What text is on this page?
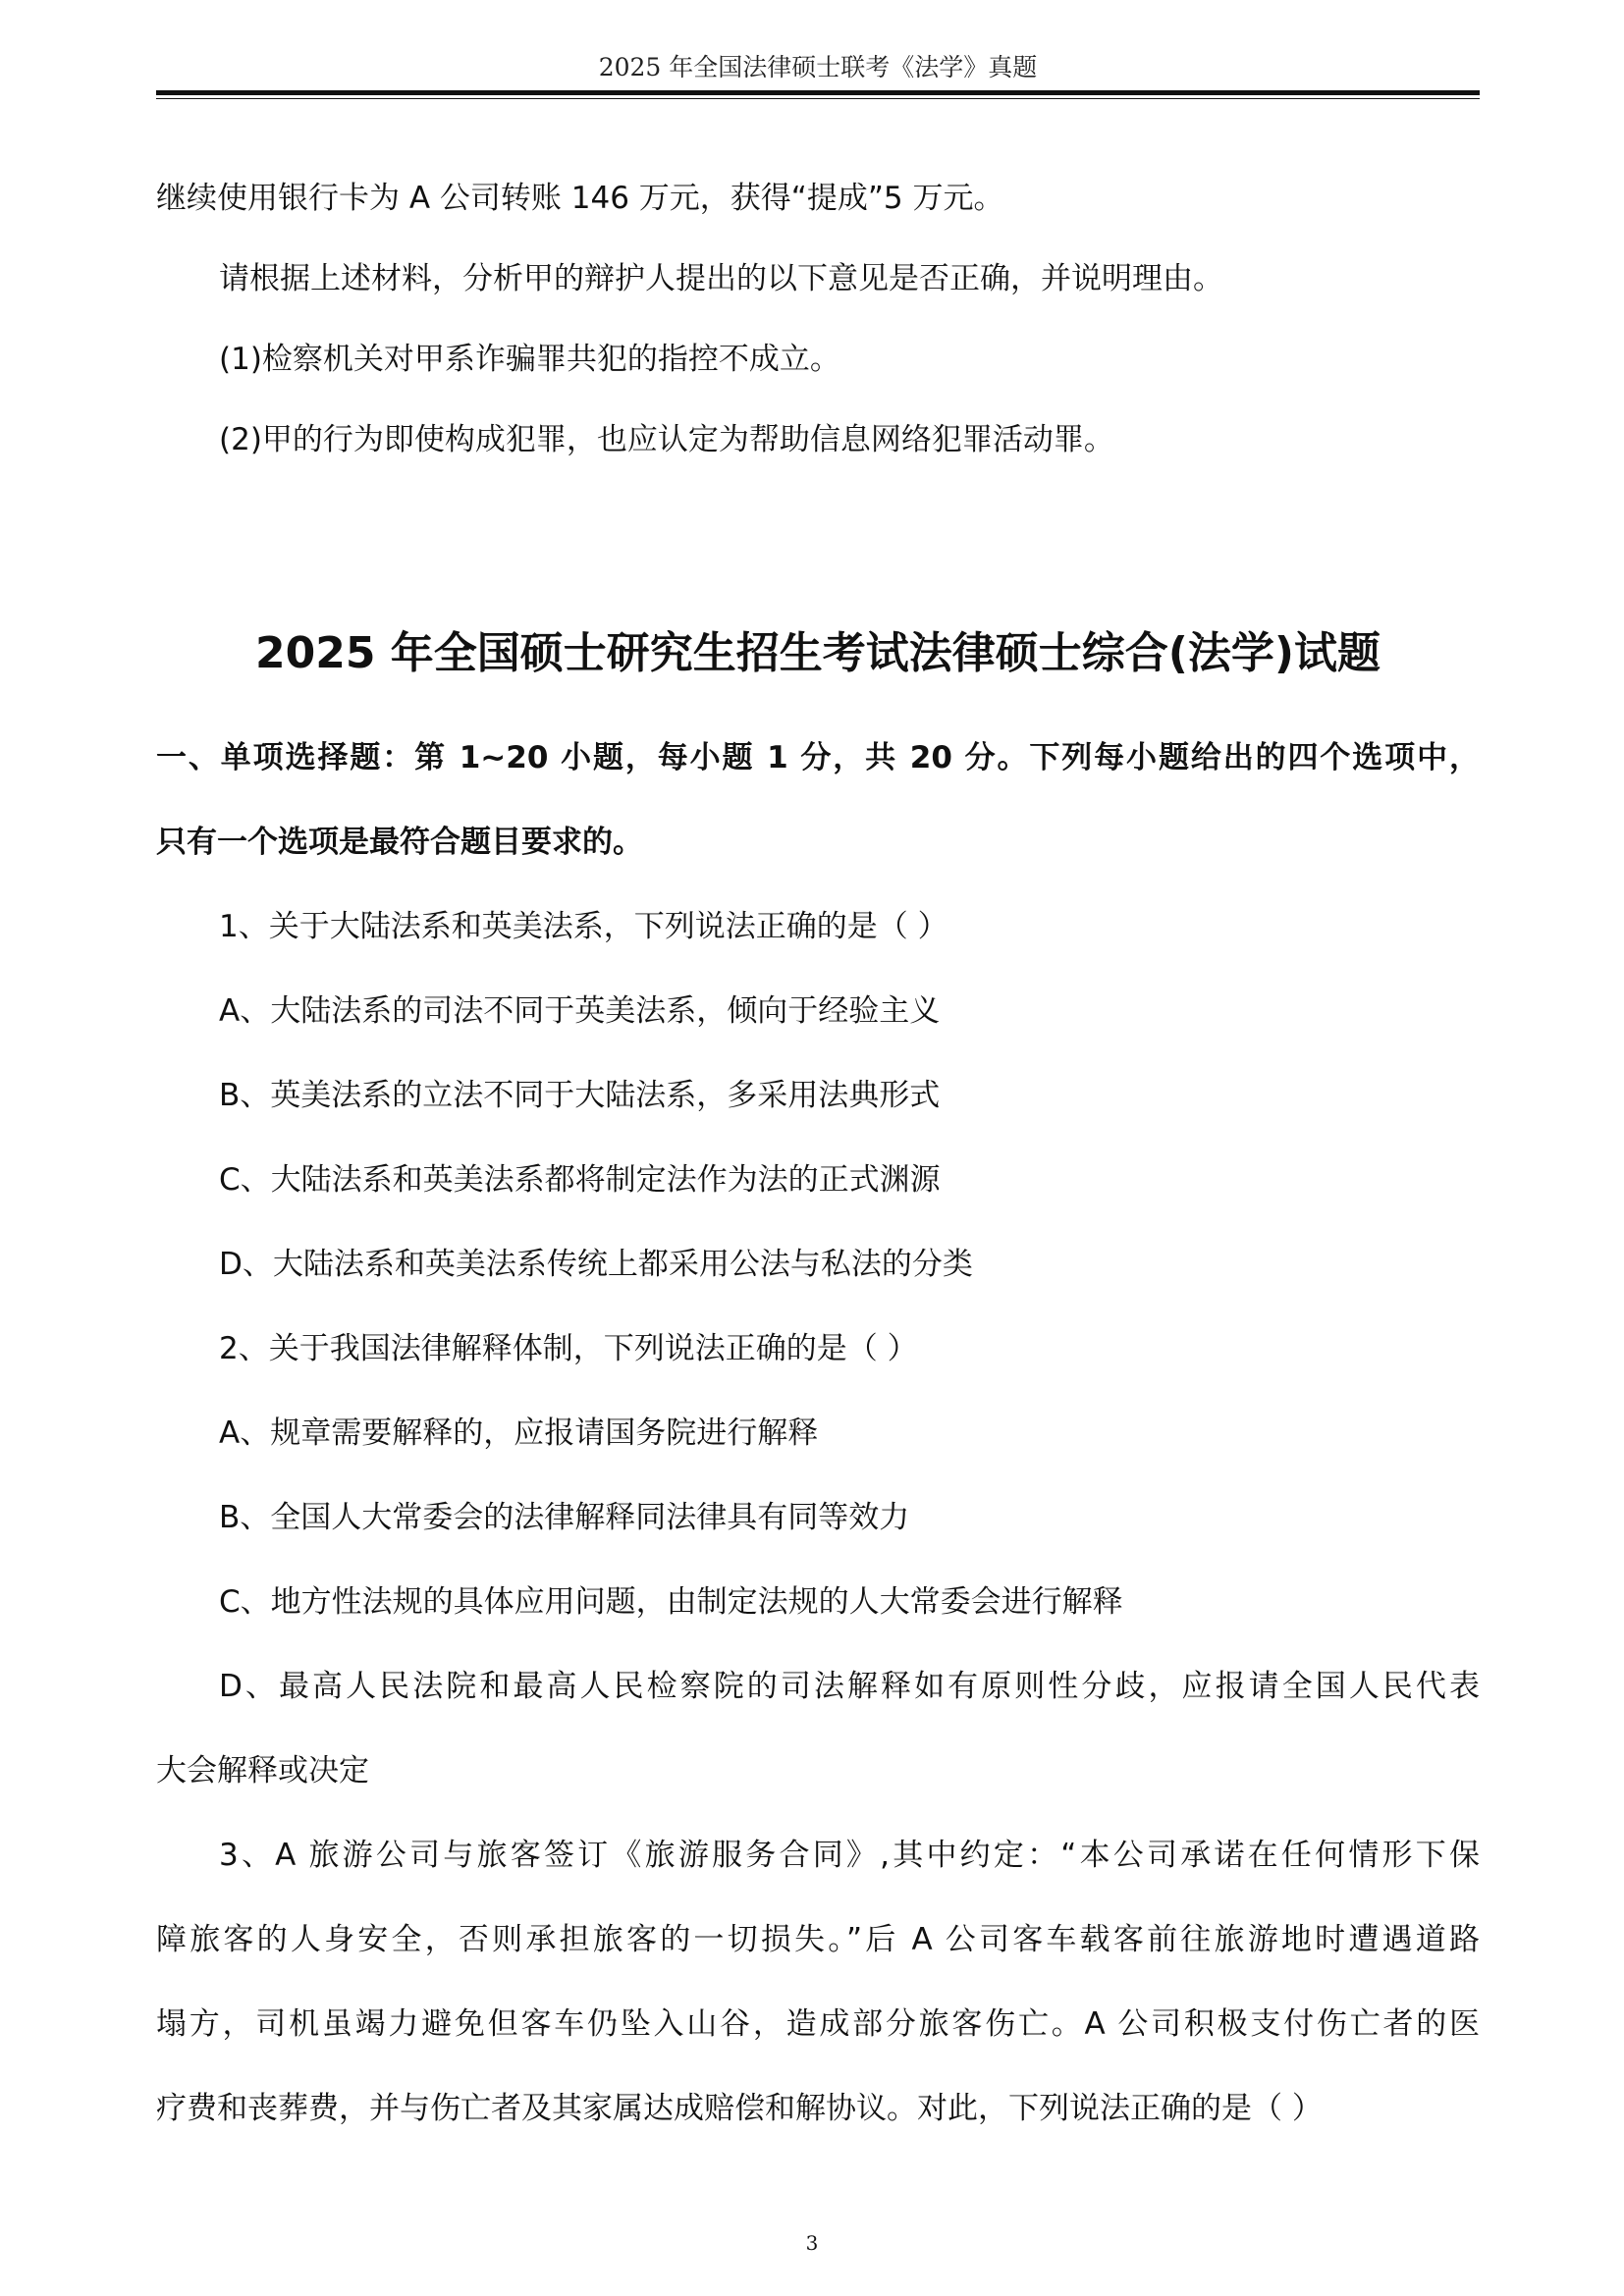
2025 年全国法律硕士联考《法学》真题
继续使用银行卡为 A 公司转账 146 万元，获得“提成”5 万元。
请根据上述材料，分析甲的辩护人提出的以下意见是否正确，并说明理由。
(1)检察机关对甲系诈骗罪共犯的指控不成立。
(2)甲的行为即使构成犯罪，也应认定为帮助信息网络犯罪活动罪。
2025 年全国硕士研究生招生考试法律硕士综合(法学)试题
一、单项选择题：第 1~20 小题，每小题 1 分，共 20 分。下列每小题给出的四个选项中，
只有一个选项是最符合题目要求的。
1、关于大陆法系和英美法系，下列说法正确的是（ ）
A、大陆法系的司法不同于英美法系，倾向于经验主义
B、英美法系的立法不同于大陆法系，多采用法典形式
C、大陆法系和英美法系都将制定法作为法的正式渊源
D、大陆法系和英美法系传统上都采用公法与私法的分类
2、关于我国法律解释体制，下列说法正确的是（ ）
A、规章需要解释的，应报请国务院进行解释
B、全国人大常委会的法律解释同法律具有同等效力
C、地方性法规的具体应用问题，由制定法规的人大常委会进行解释
D、最高人民法院和最高人民检察院的司法解释如有原则性分歧，应报请全国人民代表
大会解释或决定
3、A 旅游公司与旅客签订《旅游服务合同》,其中约定：“本公司承诺在任何情形下保
障旅客的人身安全，否则承担旅客的一切损失。”后 A 公司客车载客前往旅游地时遭遇道路
塌方，司机虽竭力避免但客车仍坠入山谷，造成部分旅客伤亡。A 公司积极支付伤亡者的医
疗费和丧葬费，并与伤亡者及其家属达成赔偿和解协议。对此，下列说法正确的是（ ）
3
